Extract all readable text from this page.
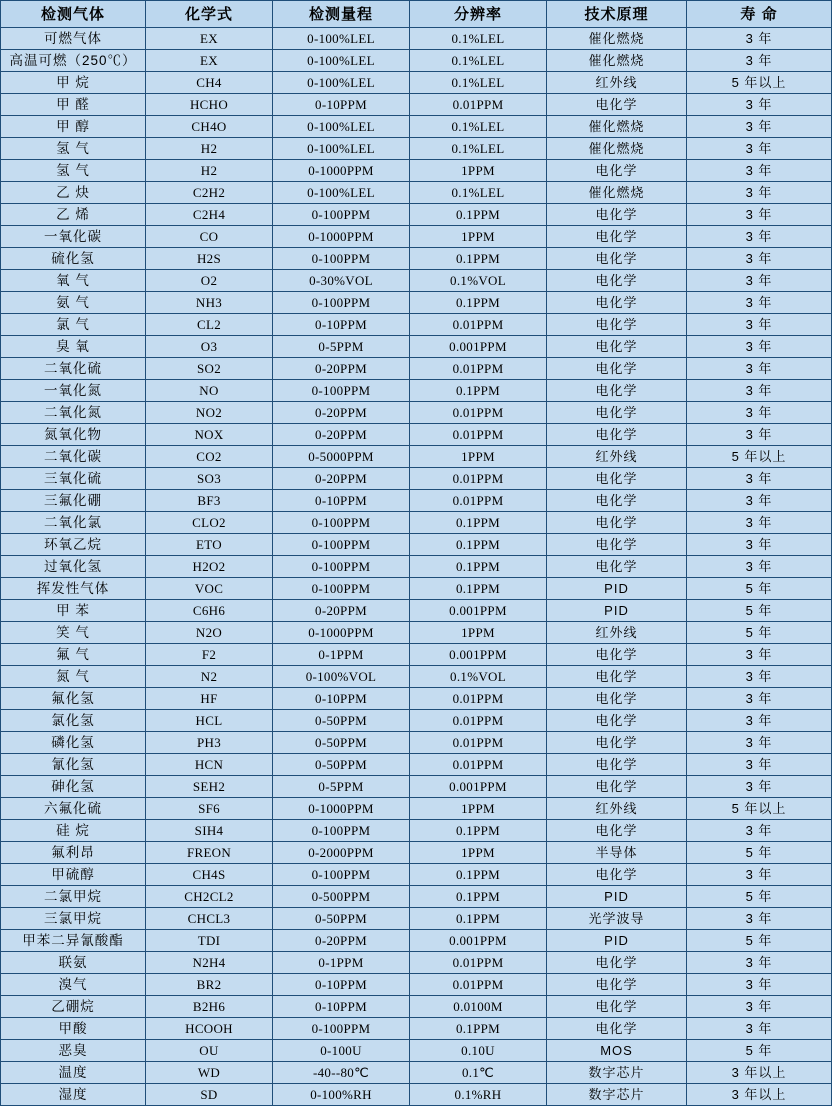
检测气体	化学式	检测量程	分辨率	技术原理	寿 命
可燃气体	EX	0-100%LEL	0.1%LEL	催化燃烧	3 年
高温可燃（250℃）	EX	0-100%LEL	0.1%LEL	催化燃烧	3 年
甲 烷	CH4	0-100%LEL	0.1%LEL	红外线	5 年以上
甲 醛	HCHO	0-10PPM	0.01PPM	电化学	3 年
甲 醇	CH4O	0-100%LEL	0.1%LEL	催化燃烧	3 年
氢 气	H2	0-100%LEL	0.1%LEL	催化燃烧	3 年
氢 气	H2	0-1000PPM	1PPM	电化学	3 年
乙 炔	C2H2	0-100%LEL	0.1%LEL	催化燃烧	3 年
乙 烯	C2H4	0-100PPM	0.1PPM	电化学	3 年
一氧化碳	CO	0-1000PPM	1PPM	电化学	3 年
硫化氢	H2S	0-100PPM	0.1PPM	电化学	3 年
氧 气	O2	0-30%VOL	0.1%VOL	电化学	3 年
氨 气	NH3	0-100PPM	0.1PPM	电化学	3 年
氯 气	CL2	0-10PPM	0.01PPM	电化学	3 年
臭 氧	O3	0-5PPM	0.001PPM	电化学	3 年
二氧化硫	SO2	0-20PPM	0.01PPM	电化学	3 年
一氧化氮	NO	0-100PPM	0.1PPM	电化学	3 年
二氧化氮	NO2	0-20PPM	0.01PPM	电化学	3 年
氮氧化物	NOX	0-20PPM	0.01PPM	电化学	3 年
二氧化碳	CO2	0-5000PPM	1PPM	红外线	5 年以上
三氧化硫	SO3	0-20PPM	0.01PPM	电化学	3 年
三氟化硼	BF3	0-10PPM	0.01PPM	电化学	3 年
二氧化氯	CLO2	0-100PPM	0.1PPM	电化学	3 年
环氧乙烷	ETO	0-100PPM	0.1PPM	电化学	3 年
过氧化氢	H2O2	0-100PPM	0.1PPM	电化学	3 年
挥发性气体	VOC	0-100PPM	0.1PPM	PID	5 年
甲 苯	C6H6	0-20PPM	0.001PPM	PID	5 年
笑 气	N2O	0-1000PPM	1PPM	红外线	5 年
氟 气	F2	0-1PPM	0.001PPM	电化学	3 年
氮 气	N2	0-100%VOL	0.1%VOL	电化学	3 年
氟化氢	HF	0-10PPM	0.01PPM	电化学	3 年
氯化氢	HCL	0-50PPM	0.01PPM	电化学	3 年
磷化氢	PH3	0-50PPM	0.01PPM	电化学	3 年
氰化氢	HCN	0-50PPM	0.01PPM	电化学	3 年
砷化氢	SEH2	0-5PPM	0.001PPM	电化学	3 年
六氟化硫	SF6	0-1000PPM	1PPM	红外线	5 年以上
硅 烷	SIH4	0-100PPM	0.1PPM	电化学	3 年
氟利昂	FREON	0-2000PPM	1PPM	半导体	5 年
甲硫醇	CH4S	0-100PPM	0.1PPM	电化学	3 年
二氯甲烷	CH2CL2	0-500PPM	0.1PPM	PID	5 年
三氯甲烷	CHCL3	0-50PPM	0.1PPM	光学波导	3 年
甲苯二异氰酸酯	TDI	0-20PPM	0.001PPM	PID	5 年
联氨	N2H4	0-1PPM	0.01PPM	电化学	3 年
溴气	BR2	0-10PPM	0.01PPM	电化学	3 年
乙硼烷	B2H6	0-10PPM	0.0100M	电化学	3 年
甲酸	HCOOH	0-100PPM	0.1PPM	电化学	3 年
恶臭	OU	0-100U	0.10U	MOS	5 年
温度	WD	-40--80℃	0.1℃	数字芯片	3 年以上
湿度	SD	0-100%RH	0.1%RH	数字芯片	3 年以上
